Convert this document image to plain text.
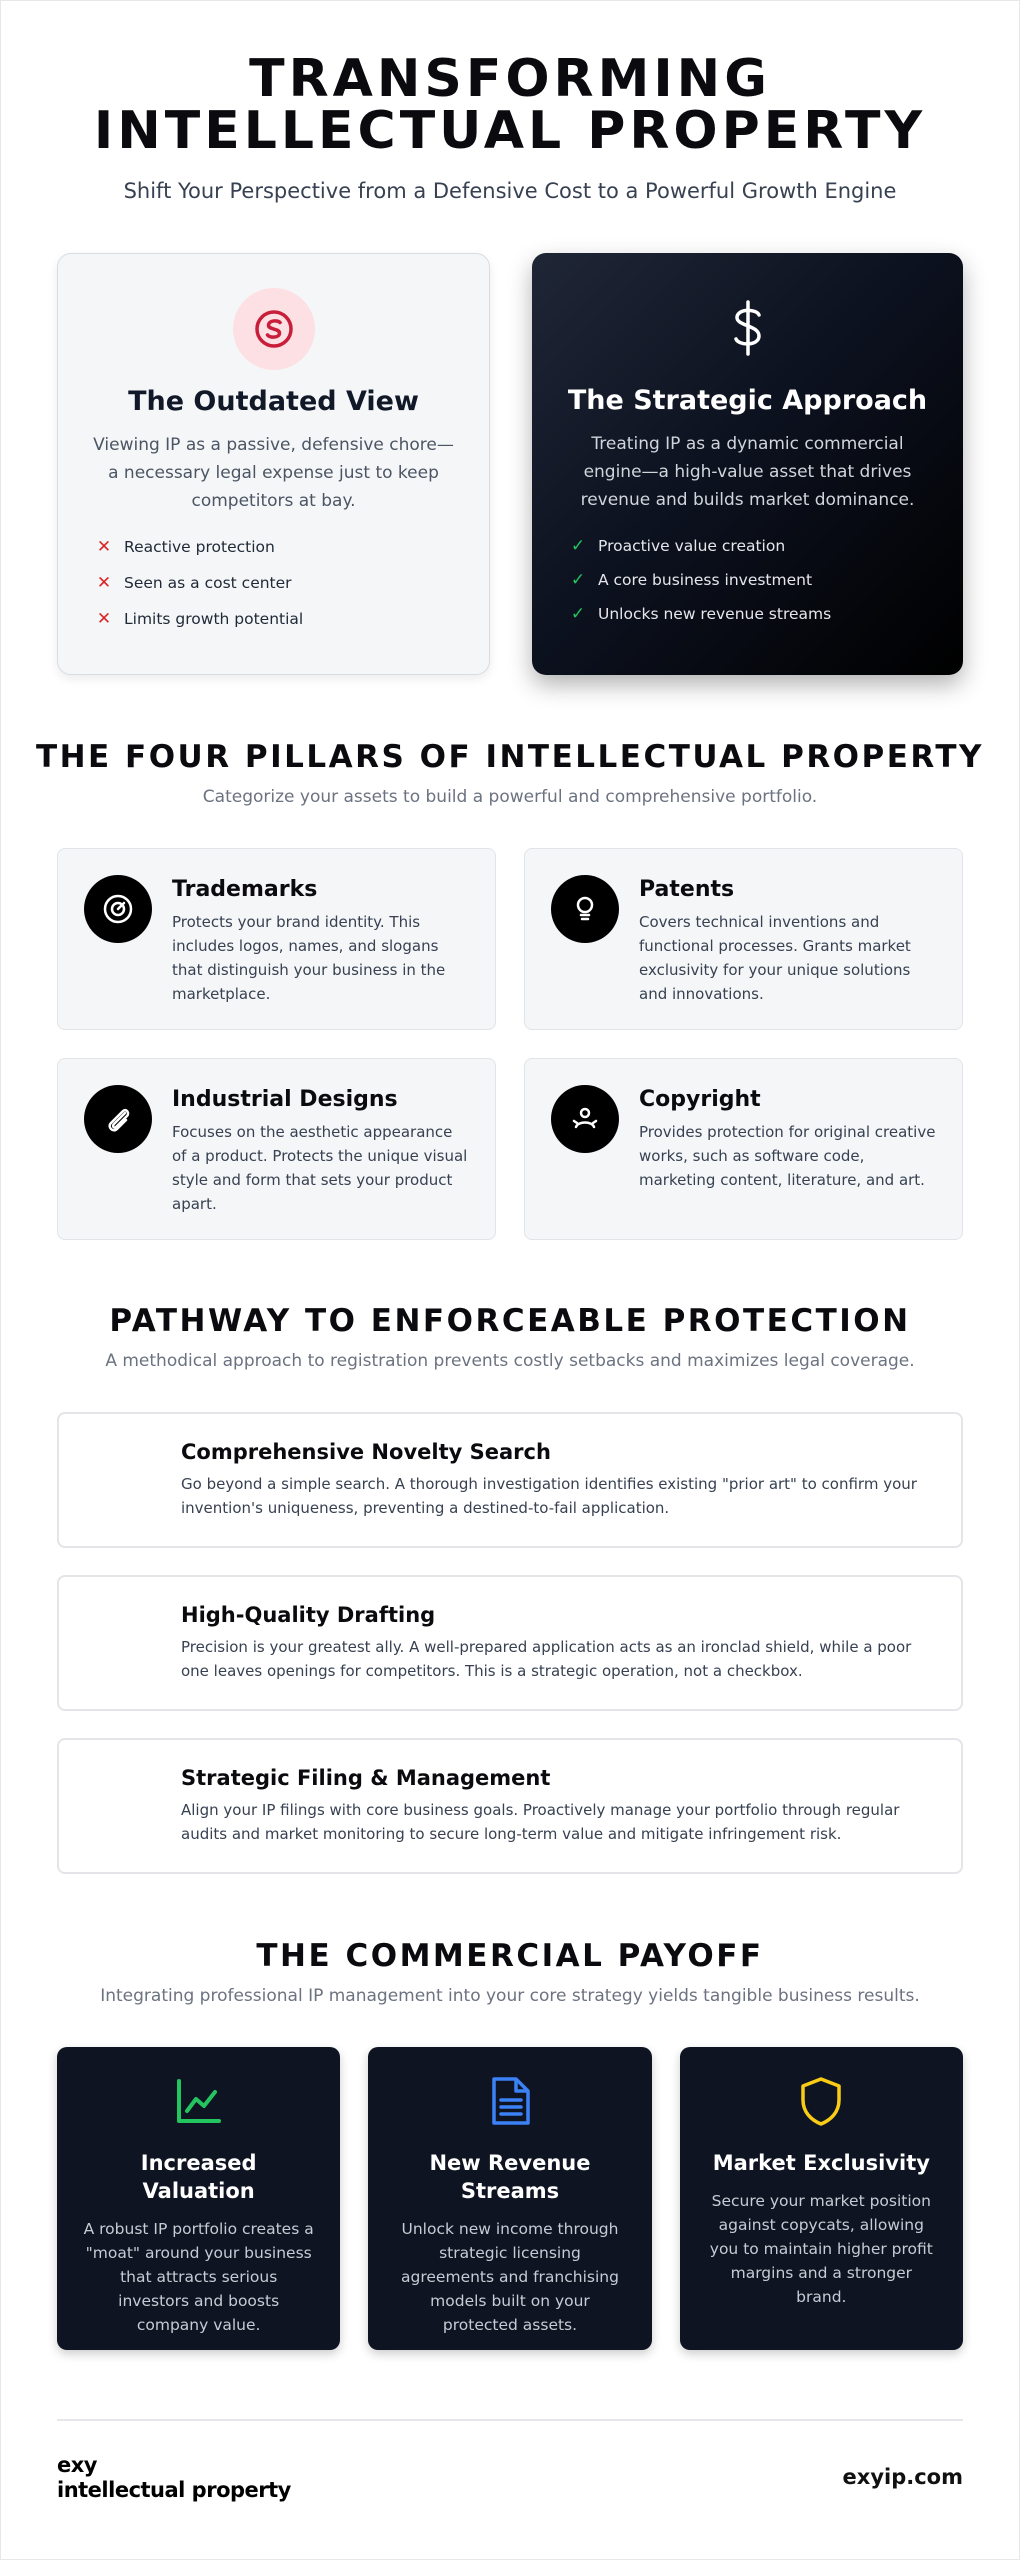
TRANSFORMING
INTELLECTUAL PROPERTY

Shift Your Perspective from a Defensive Cost to a Powerful Growth Engine

The Outdated View

Viewing IP as a passive, defensive chore—a necessary legal expense just to keep competitors at bay.

✕ Reactive protection
✕ Seen as a cost center
✕ Limits growth potential
The Strategic Approach

Treating IP as a dynamic commercial engine—a high-value asset that drives revenue and builds market dominance.

✓ Proactive value creation
✓ A core business investment
✓ Unlocks new revenue streams
THE FOUR PILLARS OF INTELLECTUAL PROPERTY

Categorize your assets to build a powerful and comprehensive portfolio.

Trademarks

Protects your brand identity. This includes logos, names, and slogans that distinguish your business in the marketplace.

Patents

Covers technical inventions and functional processes. Grants market exclusivity for your unique solutions and innovations.

Industrial Designs

Focuses on the aesthetic appearance of a product. Protects the unique visual style and form that sets your product apart.

Copyright

Provides protection for original creative works, such as software code, marketing content, literature, and art.

PATHWAY TO ENFORCEABLE PROTECTION

A methodical approach to registration prevents costly setbacks and maximizes legal coverage.

Comprehensive Novelty Search

Go beyond a simple search. A thorough investigation identifies existing "prior art" to confirm your invention's uniqueness, preventing a destined-to-fail application.

High-Quality Drafting

Precision is your greatest ally. A well-prepared application acts as an ironclad shield, while a poor one leaves openings for competitors. This is a strategic operation, not a checkbox.

Strategic Filing & Management

Align your IP filings with core business goals. Proactively manage your portfolio through regular audits and market monitoring to secure long-term value and mitigate infringement risk.

THE COMMERCIAL PAYOFF

Integrating professional IP management into your core strategy yields tangible business results.

Increased Valuation

A robust IP portfolio creates a "moat" around your business that attracts serious investors and boosts company value.

New Revenue Streams

Unlock new income through strategic licensing agreements and franchising models built on your protected assets.

Market Exclusivity

Secure your market position against copycats, allowing you to maintain higher profit margins and a stronger brand.

exy
intellectual property
exyip.com
